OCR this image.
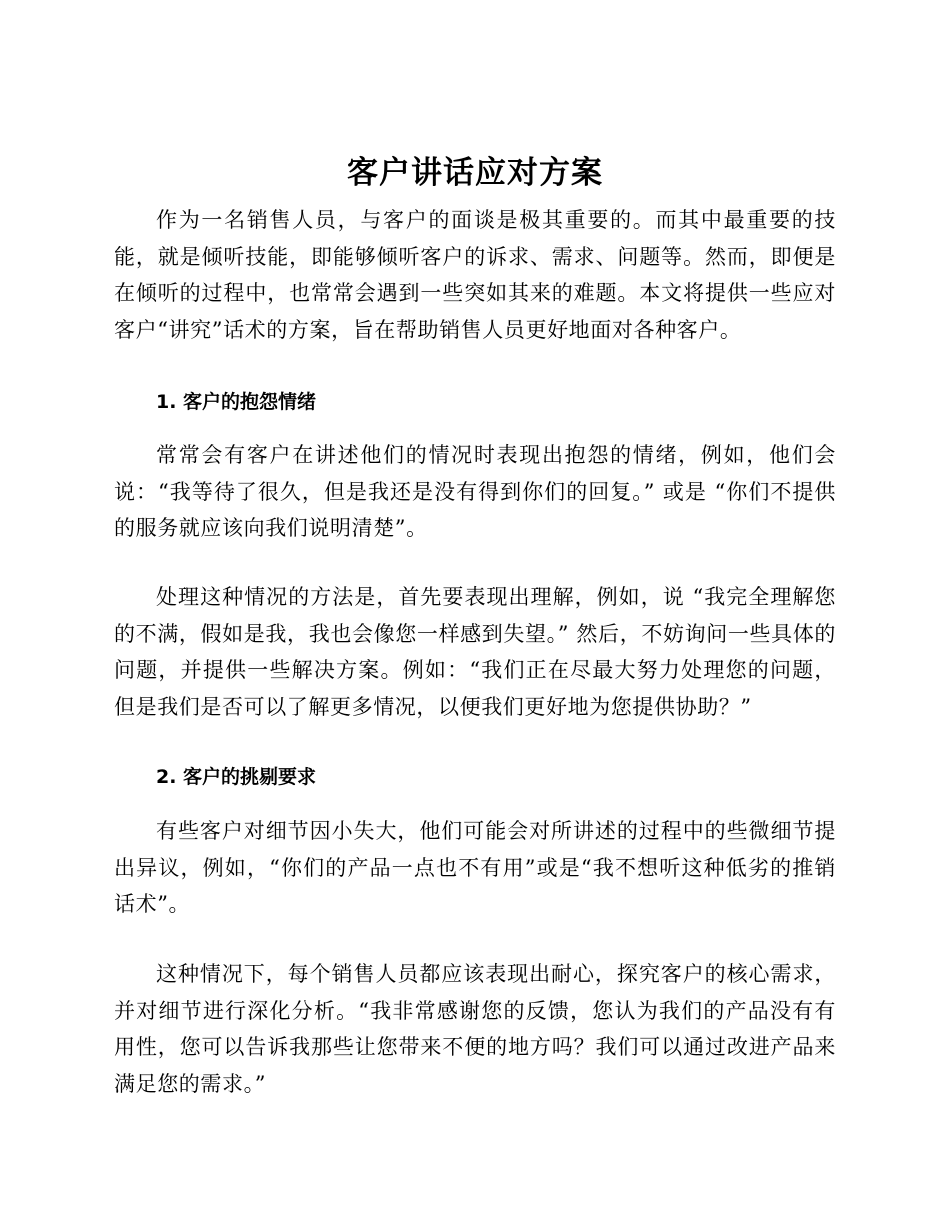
客户讲话应对方案

作为一名销售人员，与客户的面谈是极其重要的。而其中最重要的技能，就是倾听技能，即能够倾听客户的诉求、需求、问题等。然而，即便是在倾听的过程中，也常常会遇到一些突如其来的难题。本文将提供一些应对客户“讲究”话术的方案，旨在帮助销售人员更好地面对各种客户。

1. 客户的抱怨情绪

常常会有客户在讲述他们的情况时表现出抱怨的情绪，例如，他们会说：“我等待了很久，但是我还是没有得到你们的回复。” 或是 “你们不提供的服务就应该向我们说明清楚”。

处理这种情况的方法是，首先要表现出理解，例如，说 “我完全理解您的不满，假如是我，我也会像您一样感到失望。” 然后，不妨询问一些具体的问题，并提供一些解决方案。例如：“我们正在尽最大努力处理您的问题，但是我们是否可以了解更多情况，以便我们更好地为您提供协助？”

2. 客户的挑剔要求

有些客户对细节因小失大，他们可能会对所讲述的过程中的些微细节提出异议，例如，“你们的产品一点也不有用”或是“我不想听这种低劣的推销话术”。

这种情况下，每个销售人员都应该表现出耐心，探究客户的核心需求，并对细节进行深化分析。“我非常感谢您的反馈，您认为我们的产品没有有用性，您可以告诉我那些让您带来不便的地方吗？我们可以通过改进产品来满足您的需求。”
